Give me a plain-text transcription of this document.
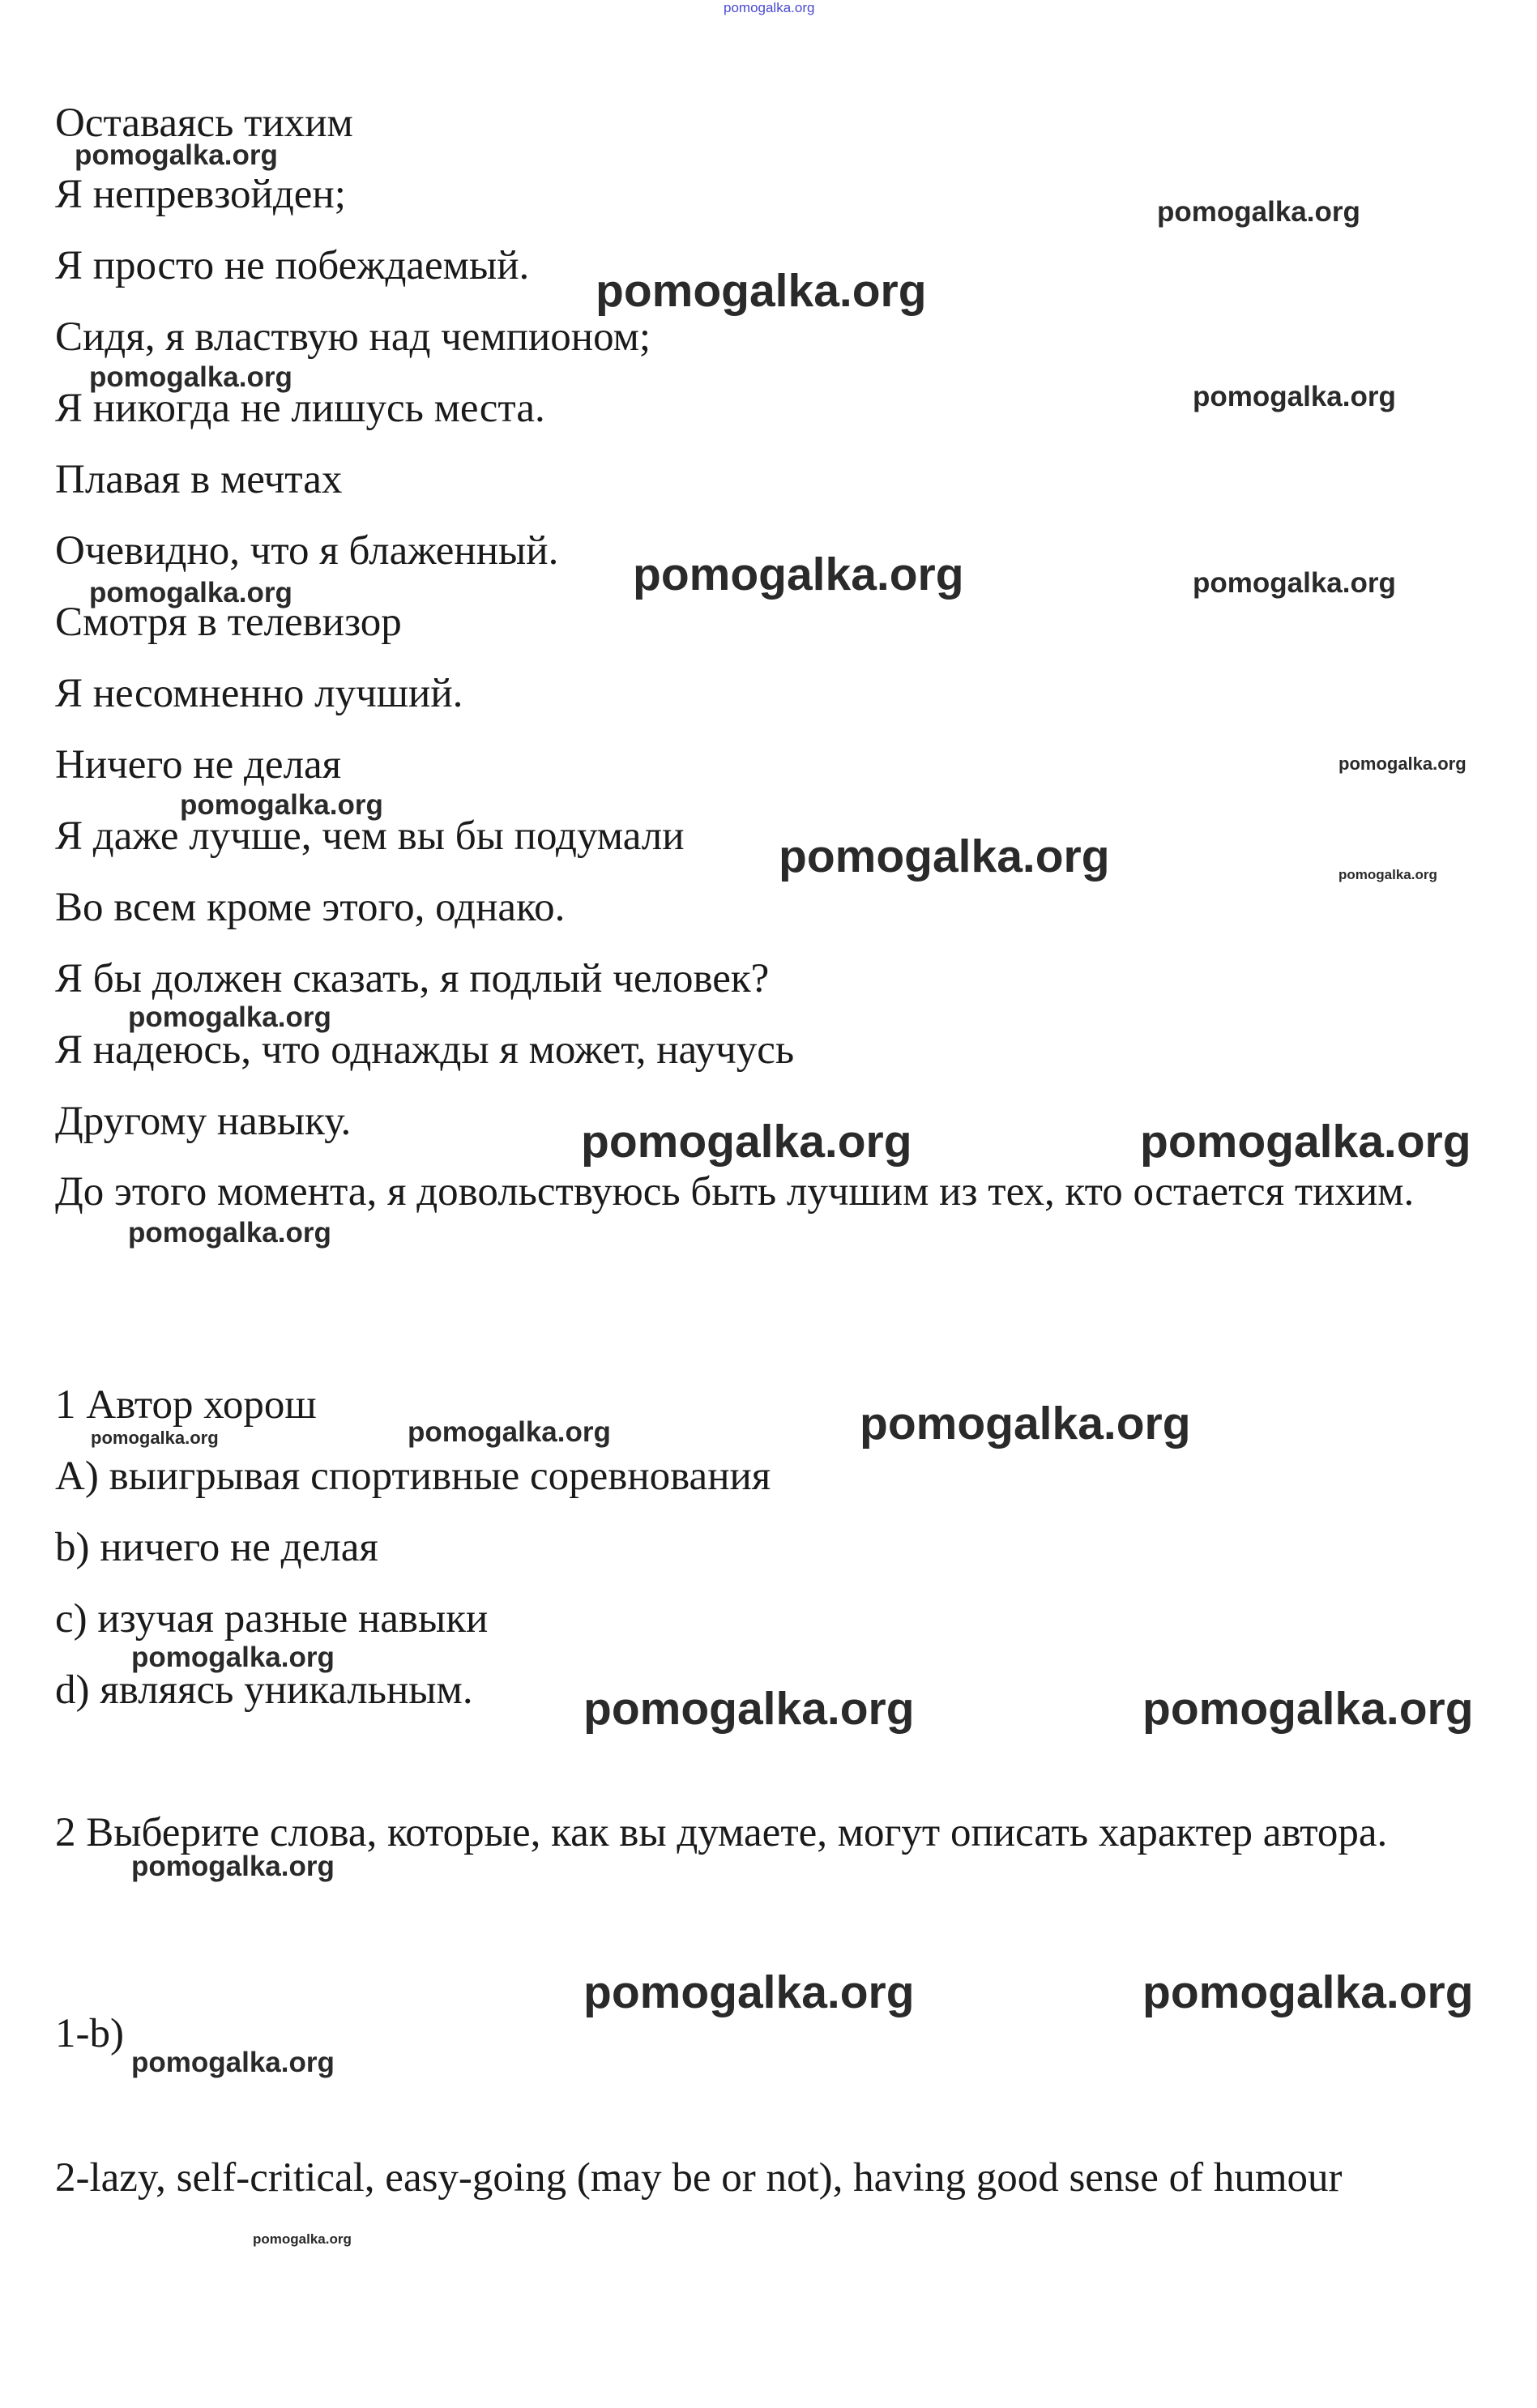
pomogalka.org
Оставаясь тихим
Я непревзойден;
Я просто не побеждаемый.
Сидя, я властвую над чемпионом;
Я никогда не лишусь места.
Плавая в мечтах
Очевидно, что я блаженный.
Смотря в телевизор
Я несомненно лучший.
Ничего не делая
Я даже лучше, чем вы бы подумали
Во всем кроме этого, однако.
Я бы должен сказать, я подлый человек?
Я надеюсь, что однажды я может, научусь
Другому навыку.

До этого момента, я довольствуюсь быть лучшим из тех, кто остается тихим.

1 Автор хорош
A) выигрывая спортивные соревнования
b) ничего не делая
c) изучая разные навыки
d) являясь уникальным.

2 Выберите слова, которые, как вы думаете, могут описать характер автора.

1-b)

2-lazy, self-critical, easy-going (may be or not), having good sense of humour

pomogalka.org
pomogalka.org
pomogalka.org
pomogalka.org
pomogalka.org
pomogalka.org
pomogalka.org	pomogalka.org
pomogalka.org
pomogalka.org
pomogalka.org	pomogalka.org
pomogalka.org
pomogalka.org	pomogalka.org
pomogalka.org
pomogalka.org
pomogalka.org
pomogalka.org
pomogalka.org
pomogalka.org	pomogalka.org
pomogalka.org
pomogalka.org	pomogalka.org
pomogalka.org
pomogalka.org
